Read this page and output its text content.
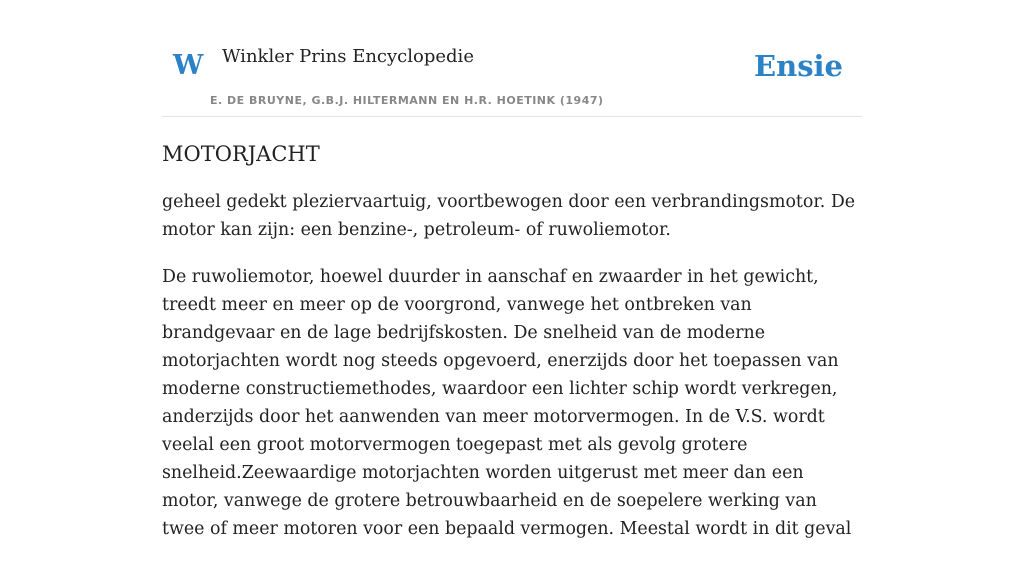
W Winkler Prins Encyclopedie
E. DE BRUYNE, G.B.J. HILTERMANN EN H.R. HOETINK (1947)
Ensie
MOTORJACHT

geheel gedekt pleziervaartuig, voortbewogen door een verbrandingsmotor. De motor kan zijn: een benzine-, petroleum- of ruwoliemotor.

De ruwoliemotor, hoewel duurder in aanschaf en zwaarder in het gewicht, treedt meer en meer op de voorgrond, vanwege het ontbreken van brandgevaar en de lage bedrijfskosten. De snelheid van de moderne motorjachten wordt nog steeds opgevoerd, enerzijds door het toepassen van moderne constructiemethodes, waardoor een lichter schip wordt verkregen, anderzijds door het aanwenden van meer motorvermogen. In de V.S. wordt veelal een groot motorvermogen toegepast met als gevolg grotere snelheid.Zeewaardige motorjachten worden uitgerust met meer dan een motor, vanwege de grotere betrouwbaarheid en de soepelere werking van twee of meer motoren voor een bepaald vermogen. Meestal wordt in dit geval
